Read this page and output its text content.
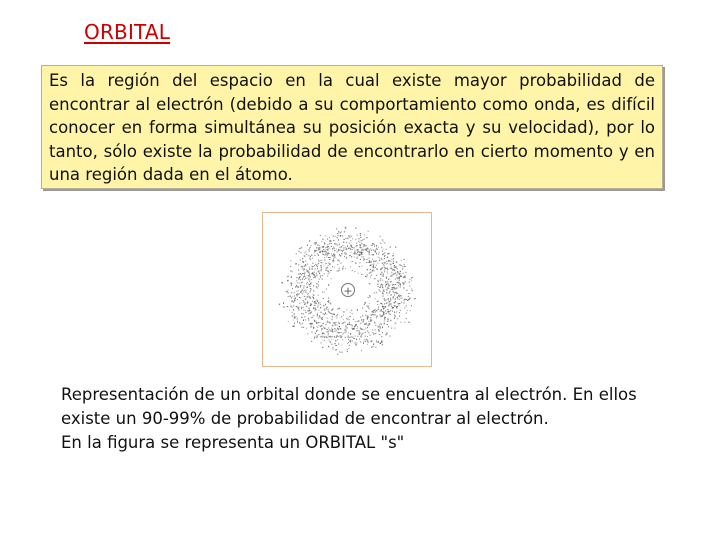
ORBITAL
Es la región del espacio en la cual existe mayor probabilidad de encontrar al electrón (debido a su comportamiento como onda, es difícil conocer en forma simultánea su posición exacta y su velocidad), por lo tanto, sólo existe la probabilidad de encontrarlo en cierto momento y en una región dada en el átomo.
+
Representación de un orbital donde se encuentra al electrón. En ellos
existe un 90-99% de probabilidad de encontrar al electrón.
En la figura se representa un ORBITAL "s"
